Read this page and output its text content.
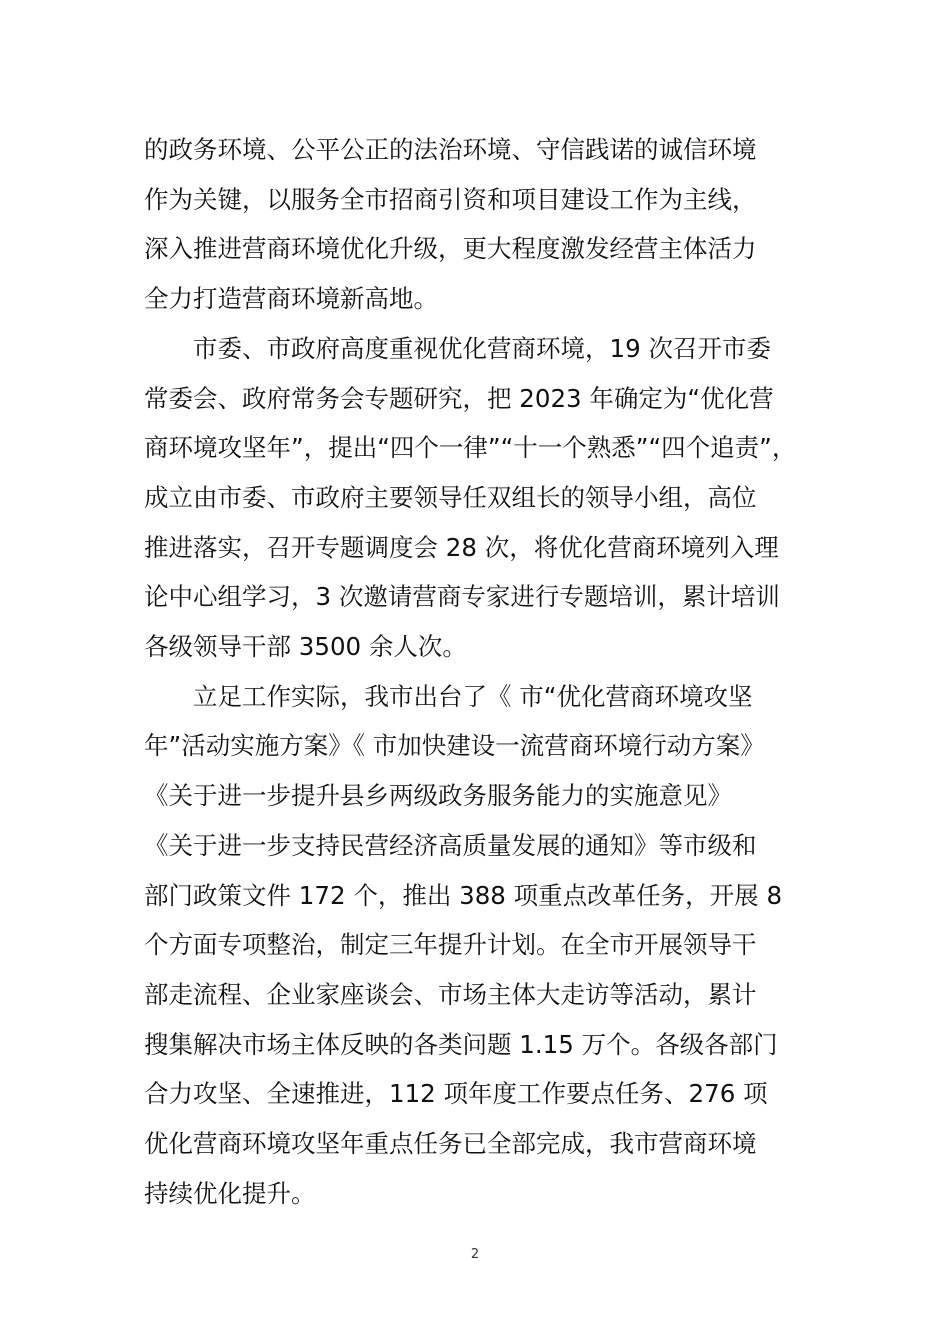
的政务环境、公平公正的法治环境、守信践诺的诚信环境
作为关键，以服务全市招商引资和项目建设工作为主线，
深入推进营商环境优化升级，更大程度激发经营主体活力
全力打造营商环境新高地。
市委、市政府高度重视优化营商环境，19 次召开市委
常委会、政府常务会专题研究，把 2023 年确定为“优化营
商环境攻坚年”，提出“四个一律”“十一个熟悉”“四个追责”，
成立由市委、市政府主要领导任双组长的领导小组，高位
推进落实，召开专题调度会 28 次，将优化营商环境列入理
论中心组学习，3 次邀请营商专家进行专题培训，累计培训
各级领导干部 3500 余人次。
立足工作实际，我市出台了《 市“优化营商环境攻坚
年”活动实施方案》《 市加快建设一流营商环境行动方案》
《关于进一步提升县乡两级政务服务能力的实施意见》
《关于进一步支持民营经济高质量发展的通知》等市级和
部门政策文件 172 个，推出 388 项重点改革任务，开展 8
个方面专项整治，制定三年提升计划。在全市开展领导干
部走流程、企业家座谈会、市场主体大走访等活动，累计
搜集解决市场主体反映的各类问题 1.15 万个。各级各部门
合力攻坚、全速推进，112 项年度工作要点任务、276 项
优化营商环境攻坚年重点任务已全部完成，我市营商环境
持续优化提升。
2
